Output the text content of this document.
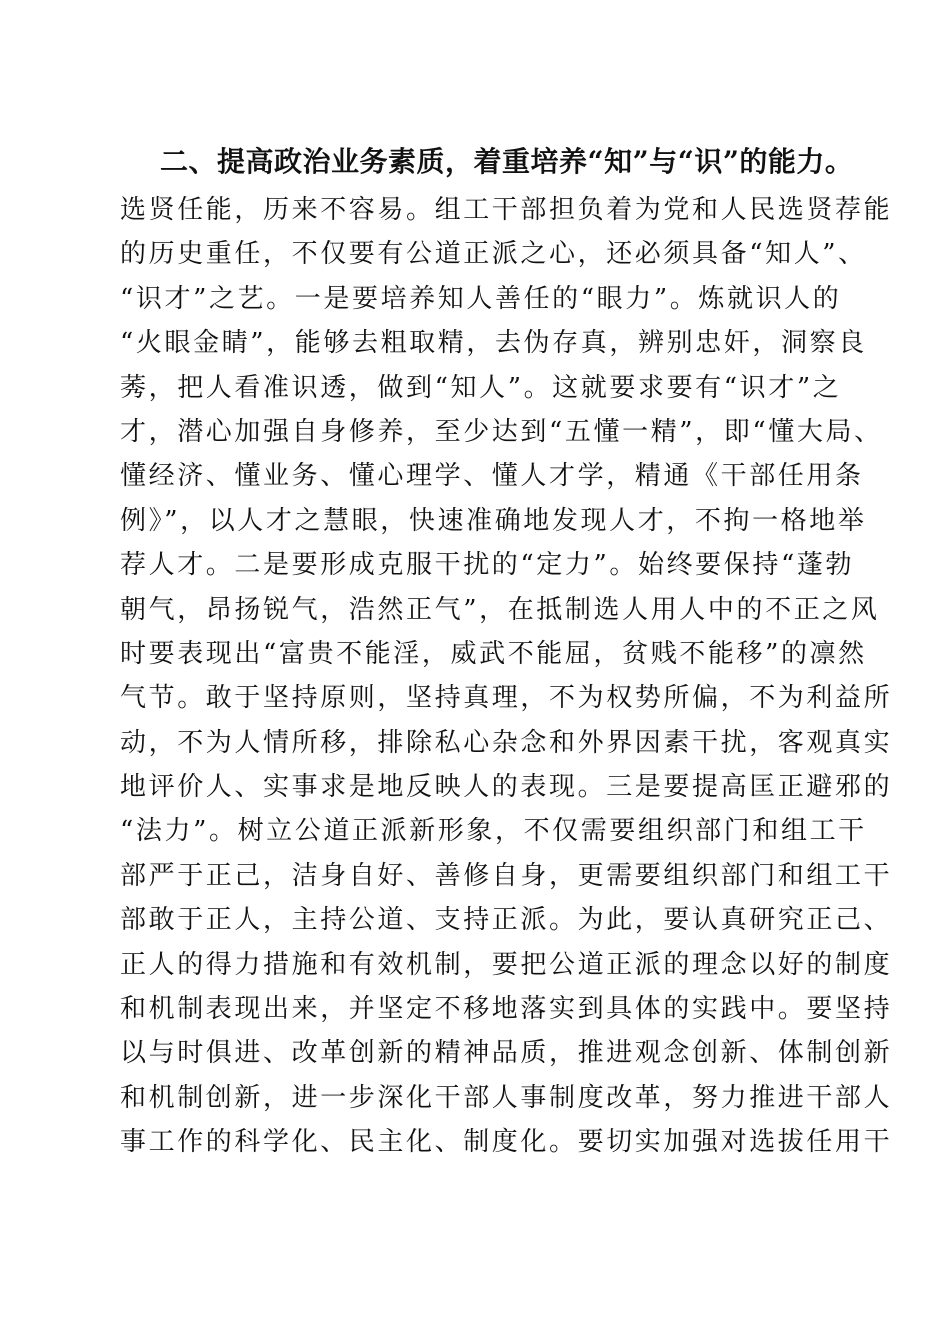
二、提高政治业务素质，着重培养“知”与“识”的能力。
选贤任能，历来不容易。组工干部担负着为党和人民选贤荐能
的历史重任，不仅要有公道正派之心，还必须具备“知人”、
“识才”之艺。一是要培养知人善任的“眼力”。炼就识人的
“火眼金睛”，能够去粗取精，去伪存真，辨别忠奸，洞察良
莠，把人看准识透，做到“知人”。这就要求要有“识才”之
才，潜心加强自身修养，至少达到“五懂一精”，即“懂大局、
懂经济、懂业务、懂心理学、懂人才学，精通《干部任用条
例》”，以人才之慧眼，快速准确地发现人才，不拘一格地举
荐人才。二是要形成克服干扰的“定力”。始终要保持“蓬勃
朝气，昂扬锐气，浩然正气”，在抵制选人用人中的不正之风
时要表现出“富贵不能淫，威武不能屈，贫贱不能移”的凛然
气节。敢于坚持原则，坚持真理，不为权势所偏，不为利益所
动，不为人情所移，排除私心杂念和外界因素干扰，客观真实
地评价人、实事求是地反映人的表现。三是要提高匡正避邪的
“法力”。树立公道正派新形象，不仅需要组织部门和组工干
部严于正己，洁身自好、善修自身，更需要组织部门和组工干
部敢于正人，主持公道、支持正派。为此，要认真研究正己、
正人的得力措施和有效机制，要把公道正派的理念以好的制度
和机制表现出来，并坚定不移地落实到具体的实践中。要坚持
以与时俱进、改革创新的精神品质，推进观念创新、体制创新
和机制创新，进一步深化干部人事制度改革，努力推进干部人
事工作的科学化、民主化、制度化。要切实加强对选拔任用干
